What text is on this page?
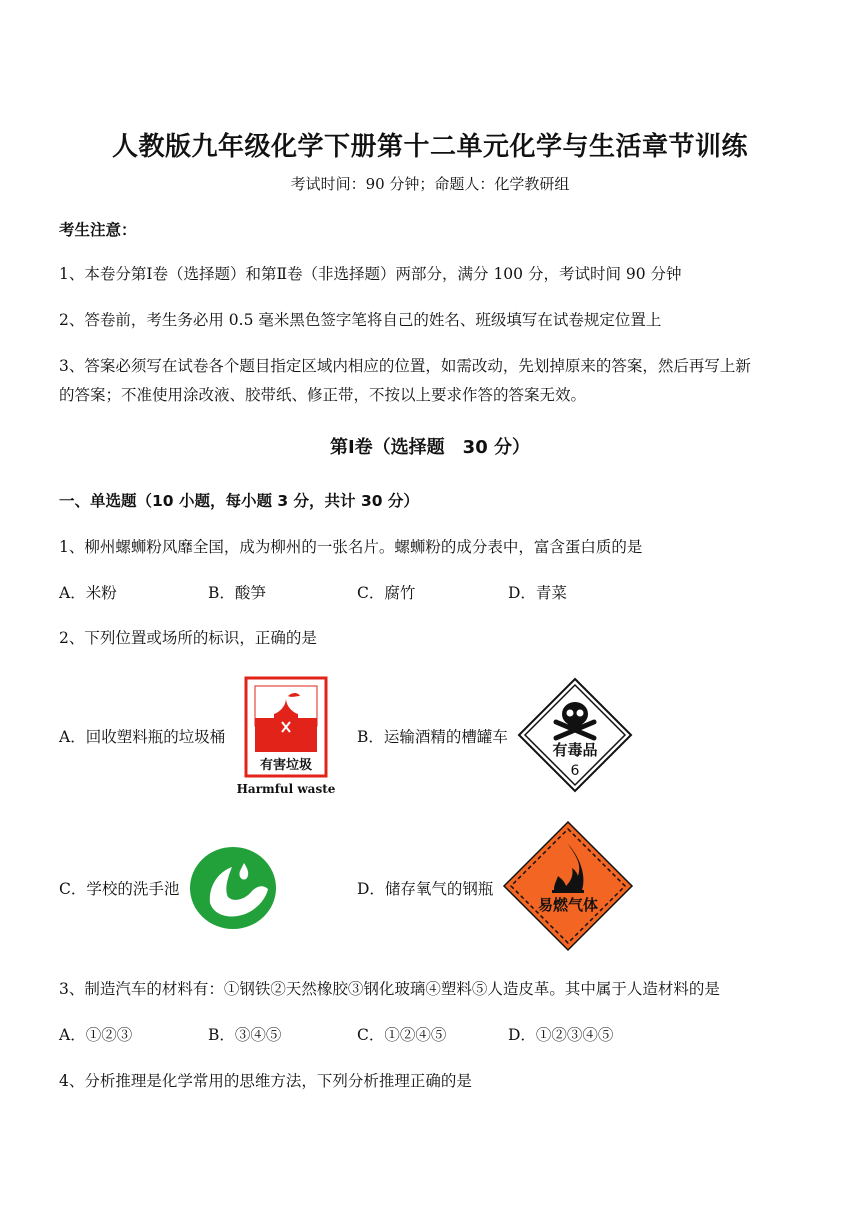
人教版九年级化学下册第十二单元化学与生活章节训练
考试时间：90 分钟；命题人：化学教研组
考生注意：
1、本卷分第Ⅰ卷（选择题）和第Ⅱ卷（非选择题）两部分，满分 100 分，考试时间 90 分钟
2、答卷前，考生务必用 0.5 毫米黑色签字笔将自己的姓名、班级填写在试卷规定位置上
3、答案必须写在试卷各个题目指定区域内相应的位置，如需改动，先划掉原来的答案，然后再写上新
的答案；不准使用涂改液、胶带纸、修正带，不按以上要求作答的答案无效。
第Ⅰ卷（选择题　30 分）
一、单选题（10 小题，每小题 3 分，共计 30 分）
1、柳州螺蛳粉风靡全国，成为柳州的一张名片。螺蛳粉的成分表中，富含蛋白质的是
A．米粉	B．酸笋	C．腐竹	D．青菜
2、下列位置或场所的标识，正确的是
A．回收塑料瓶的垃圾桶	B．运输酒精的槽罐车
C．学校的洗手池	D．储存氧气的钢瓶
有害垃圾
Harmful waste
有毒品
6
易燃气体
3、制造汽车的材料有：①钢铁②天然橡胶③钢化玻璃④塑料⑤人造皮革。其中属于人造材料的是
A．①②③	B．③④⑤	C．①②④⑤	D．①②③④⑤
4、分析推理是化学常用的思维方法，下列分析推理正确的是
